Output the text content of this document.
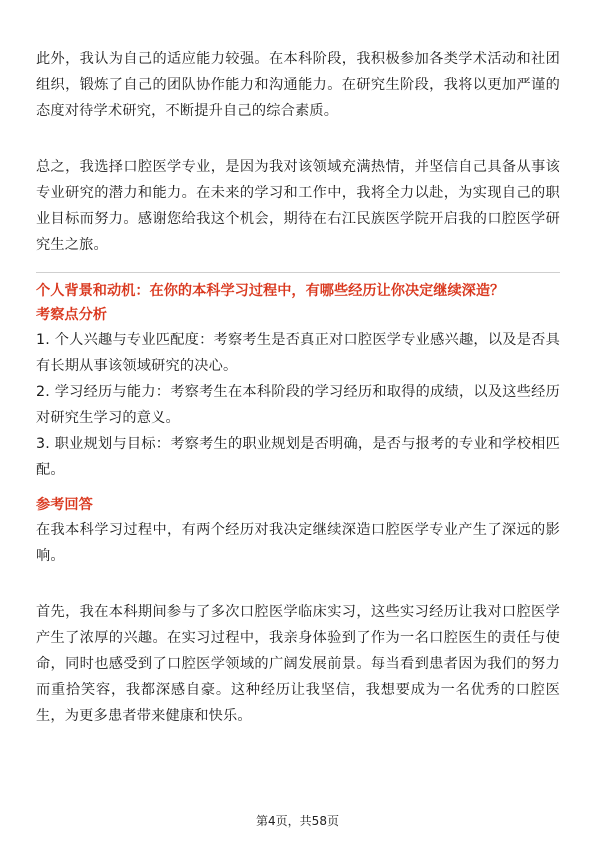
此外，我认为自己的适应能力较强。在本科阶段，我积极参加各类学术活动和社团组织，锻炼了自己的团队协作能力和沟通能力。在研究生阶段，我将以更加严谨的态度对待学术研究，不断提升自己的综合素质。

总之，我选择口腔医学专业，是因为我对该领域充满热情，并坚信自己具备从事该专业研究的潜力和能力。在未来的学习和工作中，我将全力以赴，为实现自己的职业目标而努力。感谢您给我这个机会，期待在右江民族医学院开启我的口腔医学研究生之旅。

个人背景和动机：在你的本科学习过程中，有哪些经历让你决定继续深造？

考察点分析

1. 个人兴趣与专业匹配度：考察考生是否真正对口腔医学专业感兴趣，以及是否具有长期从事该领域研究的决心。

2. 学习经历与能力：考察考生在本科阶段的学习经历和取得的成绩，以及这些经历对研究生学习的意义。

3. 职业规划与目标：考察考生的职业规划是否明确，是否与报考的专业和学校相匹配。

参考回答

在我本科学习过程中，有两个经历对我决定继续深造口腔医学专业产生了深远的影响。

首先，我在本科期间参与了多次口腔医学临床实习，这些实习经历让我对口腔医学产生了浓厚的兴趣。在实习过程中，我亲身体验到了作为一名口腔医生的责任与使命，同时也感受到了口腔医学领域的广阔发展前景。每当看到患者因为我们的努力而重拾笑容，我都深感自豪。这种经历让我坚信，我想要成为一名优秀的口腔医生，为更多患者带来健康和快乐。

第4页，共58页
